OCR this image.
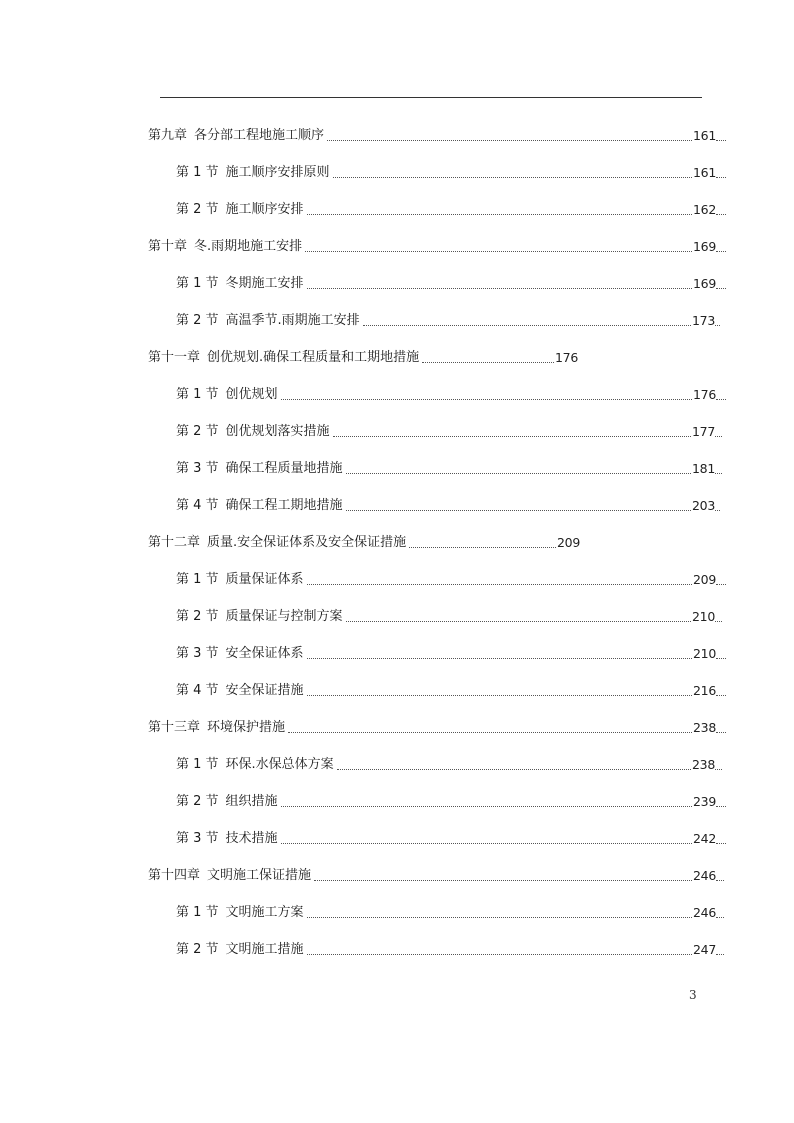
第九章 各分部工程地施工顺序	161
第 1 节 施工顺序安排原则	161
第 2 节 施工顺序安排	162
第十章 冬.雨期地施工安排	169
第 1 节 冬期施工安排	169
第 2 节 高温季节.雨期施工安排	173
第十一章 创优规划.确保工程质量和工期地措施	176
第 1 节 创优规划	176
第 2 节 创优规划落实措施	177
第 3 节 确保工程质量地措施	181
第 4 节 确保工程工期地措施	203
第十二章 质量.安全保证体系及安全保证措施	209
第 1 节 质量保证体系	209
第 2 节 质量保证与控制方案	210
第 3 节 安全保证体系	210
第 4 节 安全保证措施	216
第十三章 环境保护措施	238
第 1 节 环保.水保总体方案	238
第 2 节 组织措施	239
第 3 节 技术措施	242
第十四章 文明施工保证措施	246
第 1 节 文明施工方案	246
第 2 节 文明施工措施	247
3
